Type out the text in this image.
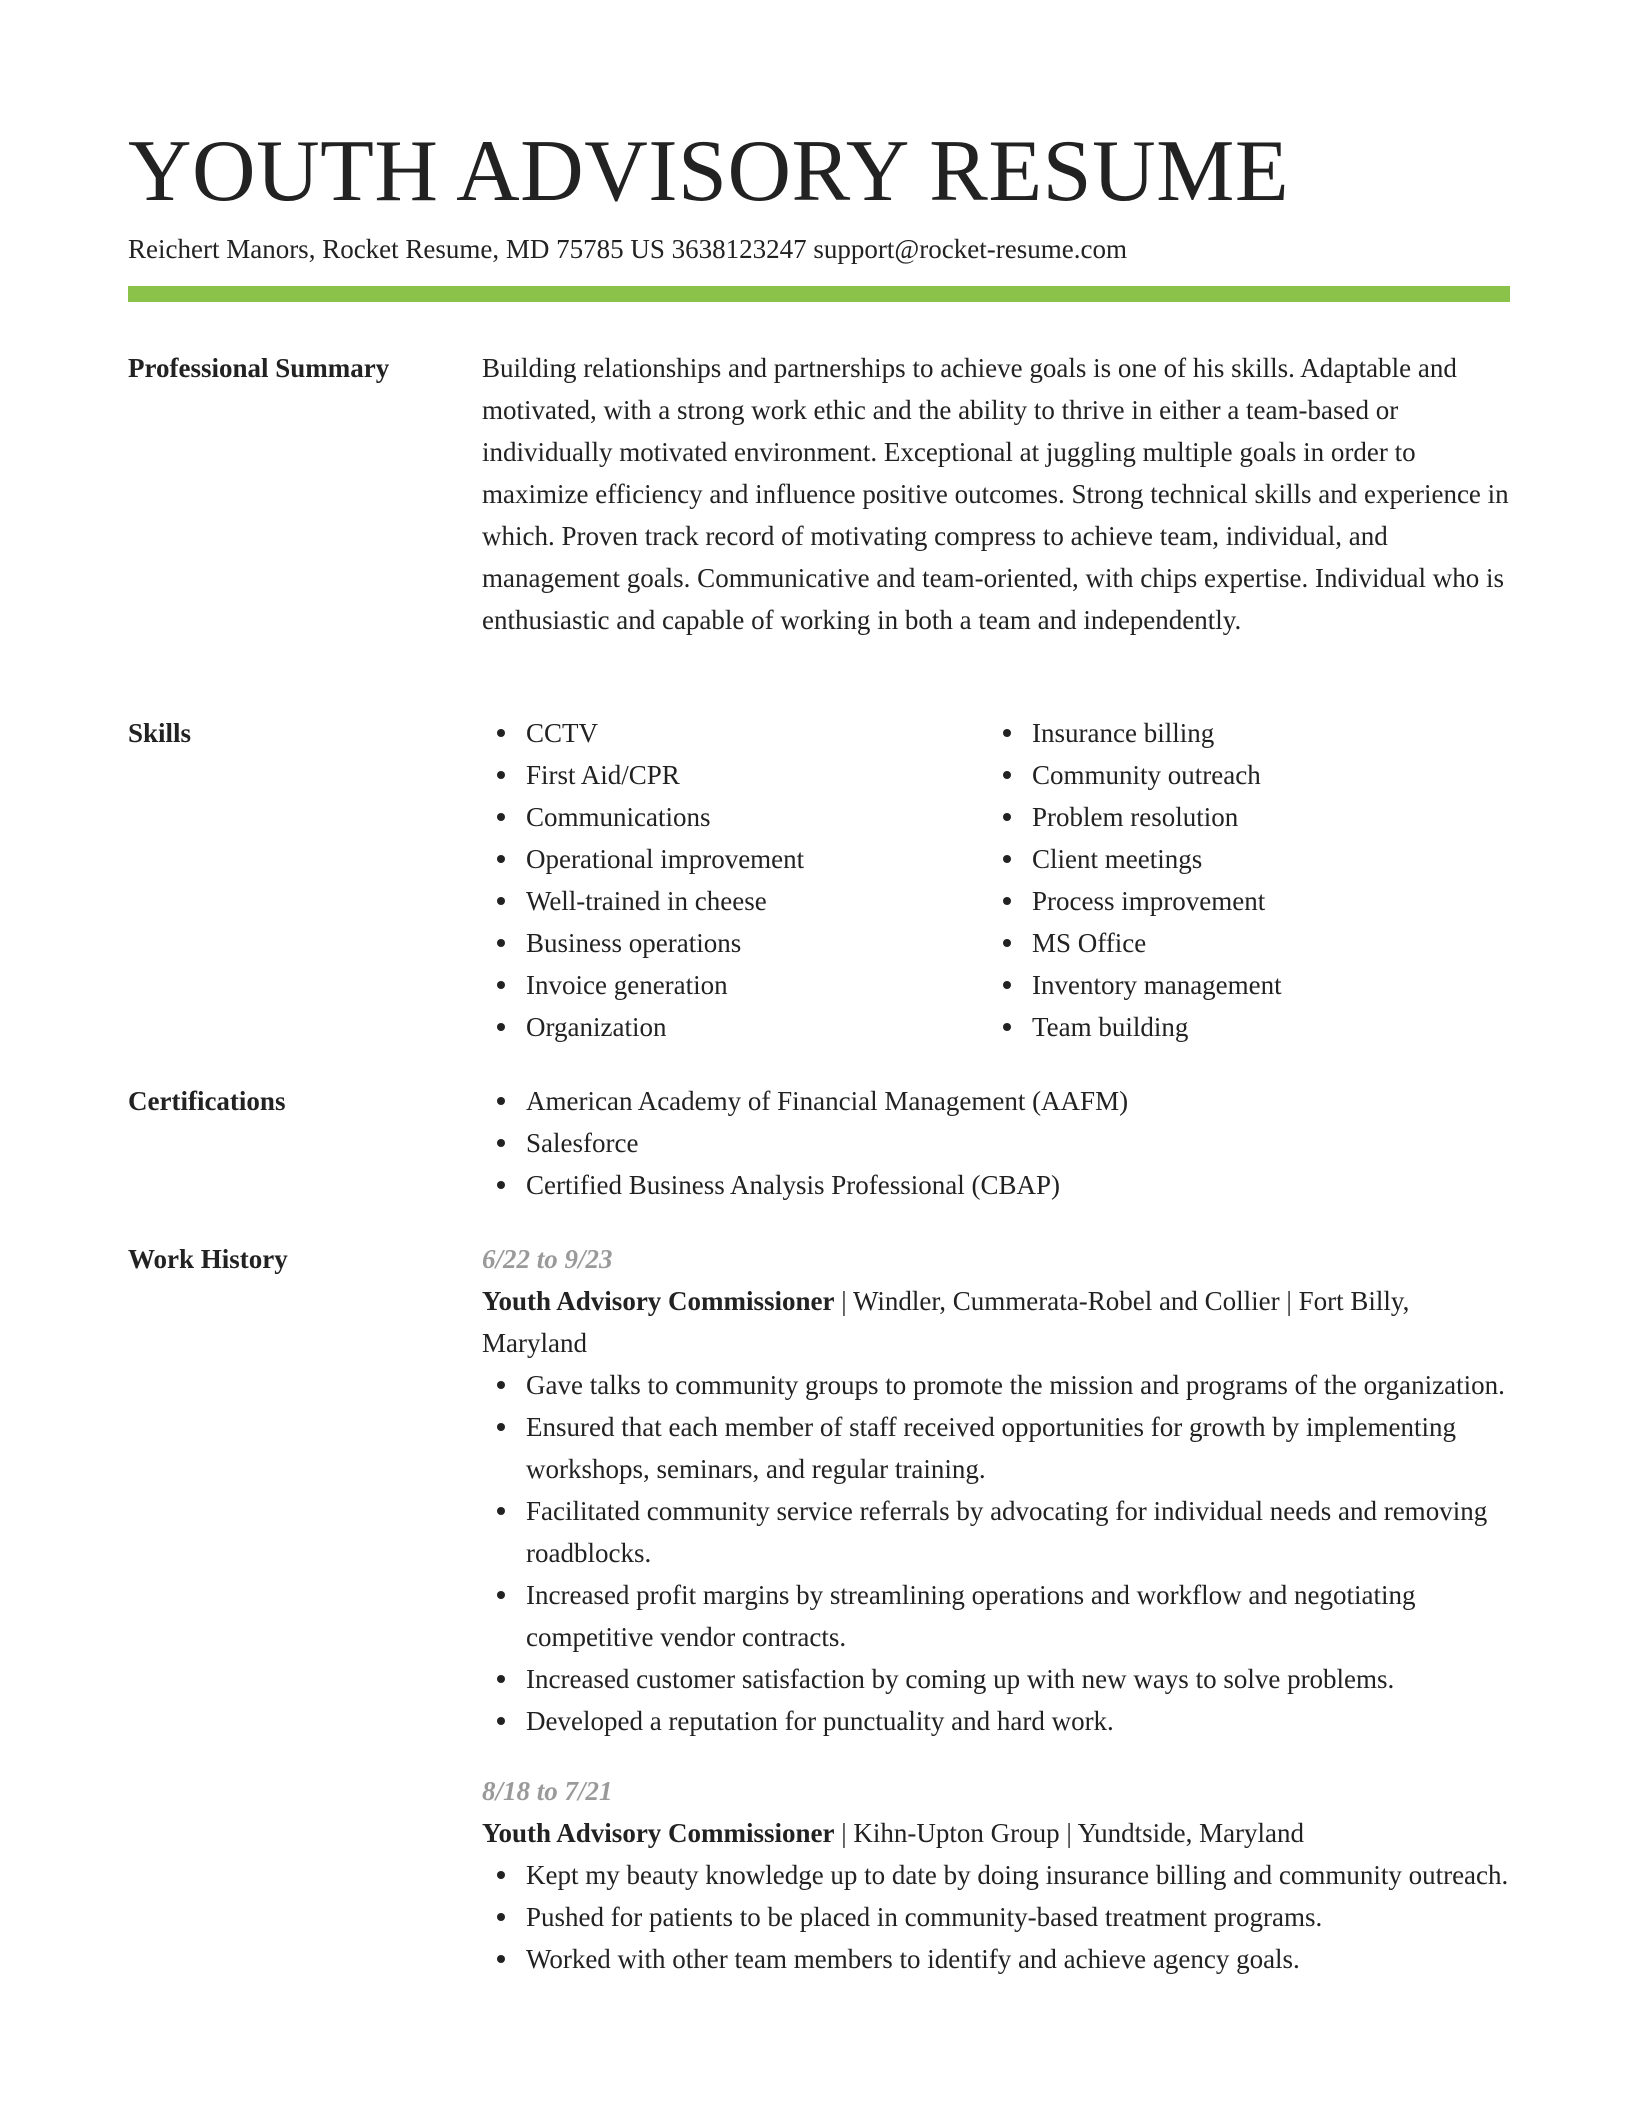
YOUTH ADVISORY RESUME
Reichert Manors, Rocket Resume, MD 75785 US 3638123247 support@rocket-resume.com
Professional Summary	Building relationships and partnerships to achieve goals is one of his skills. Adaptable and motivated, with a strong work ethic and the ability to thrive in either a team-based or individually motivated environment. Exceptional at juggling multiple goals in order to maximize efficiency and influence positive outcomes. Strong technical skills and experience in which. Proven track record of motivating compress to achieve team, individual, and management goals. Communicative and team-oriented, with chips expertise. Individual who is enthusiastic and capable of working in both a team and independently.

Skills	CCTV
First Aid/CPR
Communications
Operational improvement
Well-trained in cheese
Business operations
Invoice generation
Organization
Insurance billing
Community outreach
Problem resolution
Client meetings
Process improvement
MS Office
Inventory management
Team building
Certifications	American Academy of Financial Management (AAFM)
Salesforce
Certified Business Analysis Professional (CBAP)
Work History	6/22 to 9/23
Youth Advisory Commissioner | Windler, Cummerata-Robel and Collier | Fort Billy, Maryland
Gave talks to community groups to promote the mission and programs of the organization.
Ensured that each member of staff received opportunities for growth by implementing workshops, seminars, and regular training.
Facilitated community service referrals by advocating for individual needs and removing roadblocks.
Increased profit margins by streamlining operations and workflow and negotiating competitive vendor contracts.
Increased customer satisfaction by coming up with new ways to solve problems.
Developed a reputation for punctuality and hard work.
8/18 to 7/21
Youth Advisory Commissioner | Kihn-Upton Group | Yundtside, Maryland
Kept my beauty knowledge up to date by doing insurance billing and community outreach.
Pushed for patients to be placed in community-based treatment programs.
Worked with other team members to identify and achieve agency goals.
